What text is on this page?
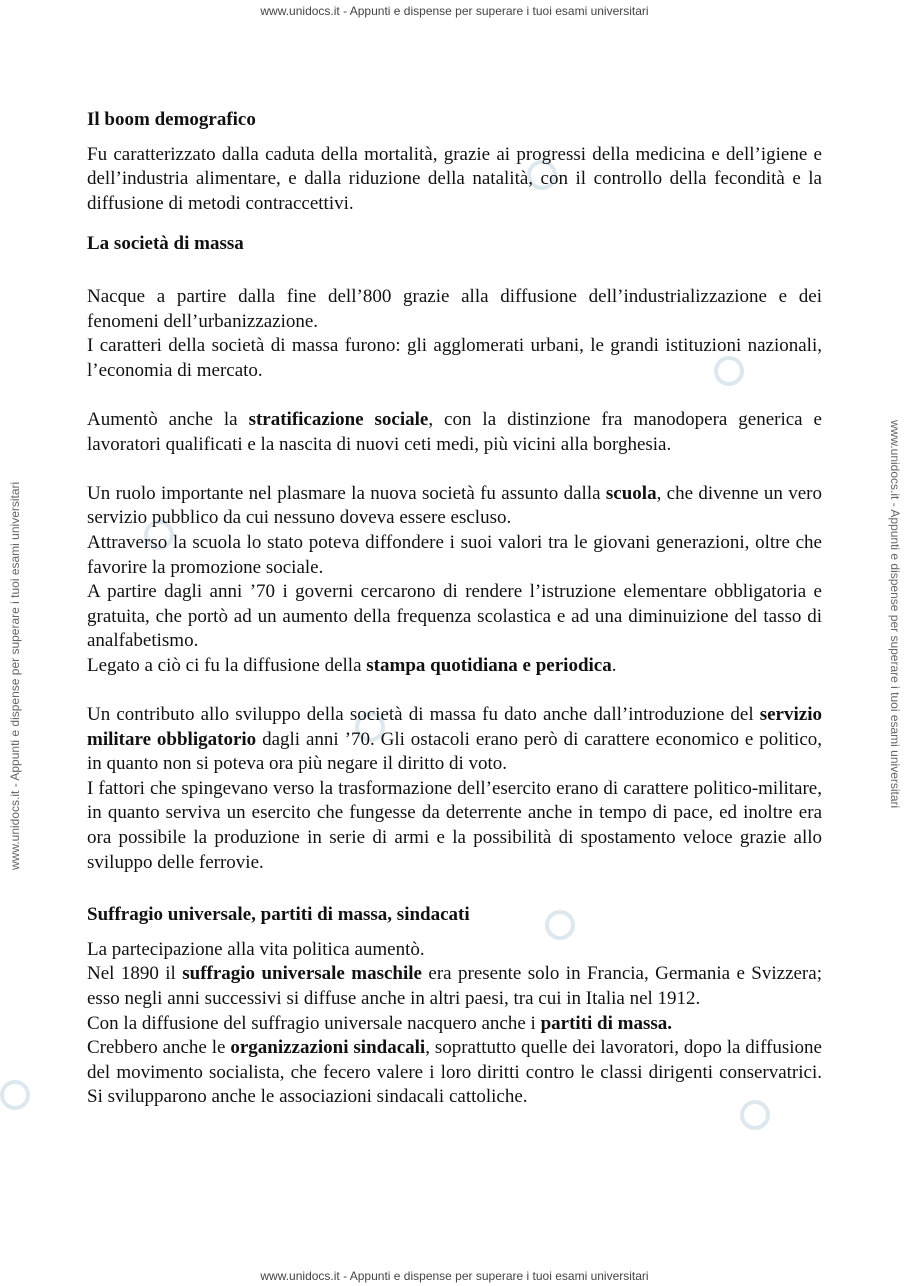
www.unidocs.it - Appunti e dispense per superare i tuoi esami universitari
www.unidocs.it - Appunti e dispense per superare i tuoi esami universitari
www.unidocs.it - Appunti e dispense per superare i tuoi esami universitari	www.unidocs.it - Appunti e dispense per superare i tuoi esami universitari
Il boom demografico

Fu caratterizzato dalla caduta della mortalità, grazie ai progressi della medicina e dell’igiene e dell’industria alimentare, e dalla riduzione della natalità, con il controllo della fecondità e la diffusione di metodi contraccettivi.

La società di massa

Nacque a partire dalla fine dell’800 grazie alla diffusione dell’industrializzazione e dei fenomeni dell’urbanizzazione.

I caratteri della società di massa furono: gli agglomerati urbani, le grandi istituzioni nazionali, l’economia di mercato.

Aumentò anche la stratificazione sociale, con la distinzione fra manodopera generica e lavoratori qualificati e la nascita di nuovi ceti medi, più vicini alla borghesia.

Un ruolo importante nel plasmare la nuova società fu assunto dalla scuola, che divenne un vero servizio pubblico da cui nessuno doveva essere escluso.

Attraverso la scuola lo stato poteva diffondere i suoi valori tra le giovani generazioni, oltre che favorire la promozione sociale.

A partire dagli anni ’70 i governi cercarono di rendere l’istruzione elementare obbligatoria e gratuita, che portò ad un aumento della frequenza scolastica e ad una diminuizione del tasso di analfabetismo.

Legato a ciò ci fu la diffusione della stampa quotidiana e periodica.

Un contributo allo sviluppo della società di massa fu dato anche dall’introduzione del servizio militare obbligatorio dagli anni ’70. Gli ostacoli erano però di carattere economico e politico, in quanto non si poteva ora più negare il diritto di voto.

I fattori che spingevano verso la trasformazione dell’esercito erano di carattere politico-militare, in quanto serviva un esercito che fungesse da deterrente anche in tempo di pace, ed inoltre era ora possibile la produzione in serie di armi e la possibilità di spostamento veloce grazie allo sviluppo delle ferrovie.

Suffragio universale, partiti di massa, sindacati

La partecipazione alla vita politica aumentò.

Nel 1890 il suffragio universale maschile era presente solo in Francia, Germania e Svizzera; esso negli anni successivi si diffuse anche in altri paesi, tra cui in Italia nel 1912.

Con la diffusione del suffragio universale nacquero anche i partiti di massa.

Crebbero anche le organizzazioni sindacali, soprattutto quelle dei lavoratori, dopo la diffusione del movimento socialista, che fecero valere i loro diritti contro le classi dirigenti conservatrici. Si svilupparono anche le associazioni sindacali cattoliche.
